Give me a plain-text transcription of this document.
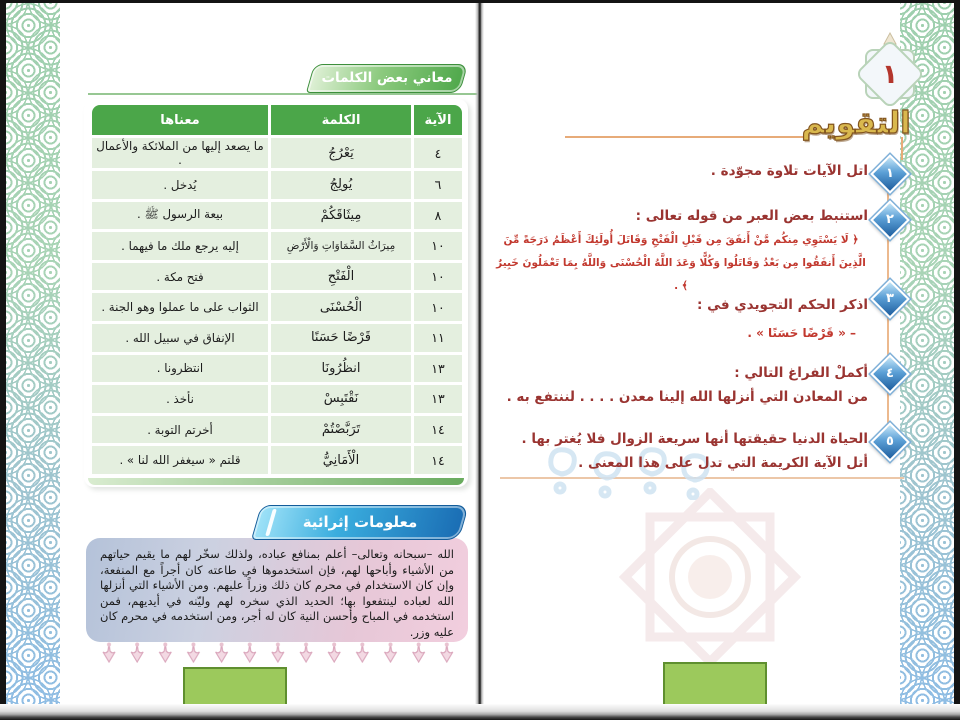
معاني بعض الكلمات
الآية	الكلمة	معناها
٤	يَعْرُجُ	ما يصعد إليها من الملائكة والأعمال .
٦	يُولِجُ	يُدخل .
٨	مِيثَاقَكُمْ	بيعة الرسول ﷺ .
١٠	مِيرَاثُ السَّمَاوَاتِ وَالْأَرْضِ	إليه يرجع ملك ما فيهما .
١٠	الْفَتْحِ	فتح مكة .
١٠	الْحُسْنَى	الثواب على ما عملوا وهو الجنة .
١١	قَرْضًا حَسَنًا	الإنفاق في سبيل الله .
١٣	انظُرُونَا	انتظرونا .
١٣	نَقْتَبِسْ	نأخذ .
١٤	تَرَبَّصْتُمْ	أخرتم التوبة .
١٤	الْأَمَانِيُّ	قلتم « سيغفر الله لنا » .
معلومات إثرائية

الله –سبحانه وتعالى– أعلم بمنافع عباده، ولذلك سخّر لهم ما يقيم حياتهم من الأشياء وأباحها لهم، فإن استخدموها في طاعته كان أجراً مع المنفعة، وإن كان الاستخدام في محرم كان ذلك وزراً عليهم. ومن الأشياء التي أنزلها الله لعباده لينتفعوا بها؛ الحديد الذي سخره لهم وليّنه في أيديهم، فمن استخدمه في المباح وأحسن النية كان له أجر، ومن استخدمه في محرم كان عليه وزر.

١
التقويم
١
اتل الآيات تلاوة مجوّدة .
٢
استنبط بعض العبر من قوله تعالى :
﴿ لَا يَسْتَوِي مِنكُم مَّنْ أَنفَقَ مِن قَبْلِ الْفَتْحِ وَقَاتَلَ أُولَئِكَ أَعْظَمُ دَرَجَةً مِّنَ الَّذِينَ أَنفَقُوا مِن بَعْدُ وَقَاتَلُوا وَكُلًّا وَعَدَ اللَّهُ الْحُسْنَى وَاللَّهُ بِمَا تَعْمَلُونَ خَبِيرٌ ﴾ .
٣
اذكر الحكم التجويدي في :
– « قَرْضًا حَسَنًا » .
٤
أكملْ الفراغ التالي :
من المعادن التي أنزلها الله إلينا معدن . . . . لننتفع به .
٥
الحياة الدنيا حقيقتها أنها سريعة الزوال فلا يُغتر بها .
أتل الآية الكريمة التي تدل على هذا المعنى .
